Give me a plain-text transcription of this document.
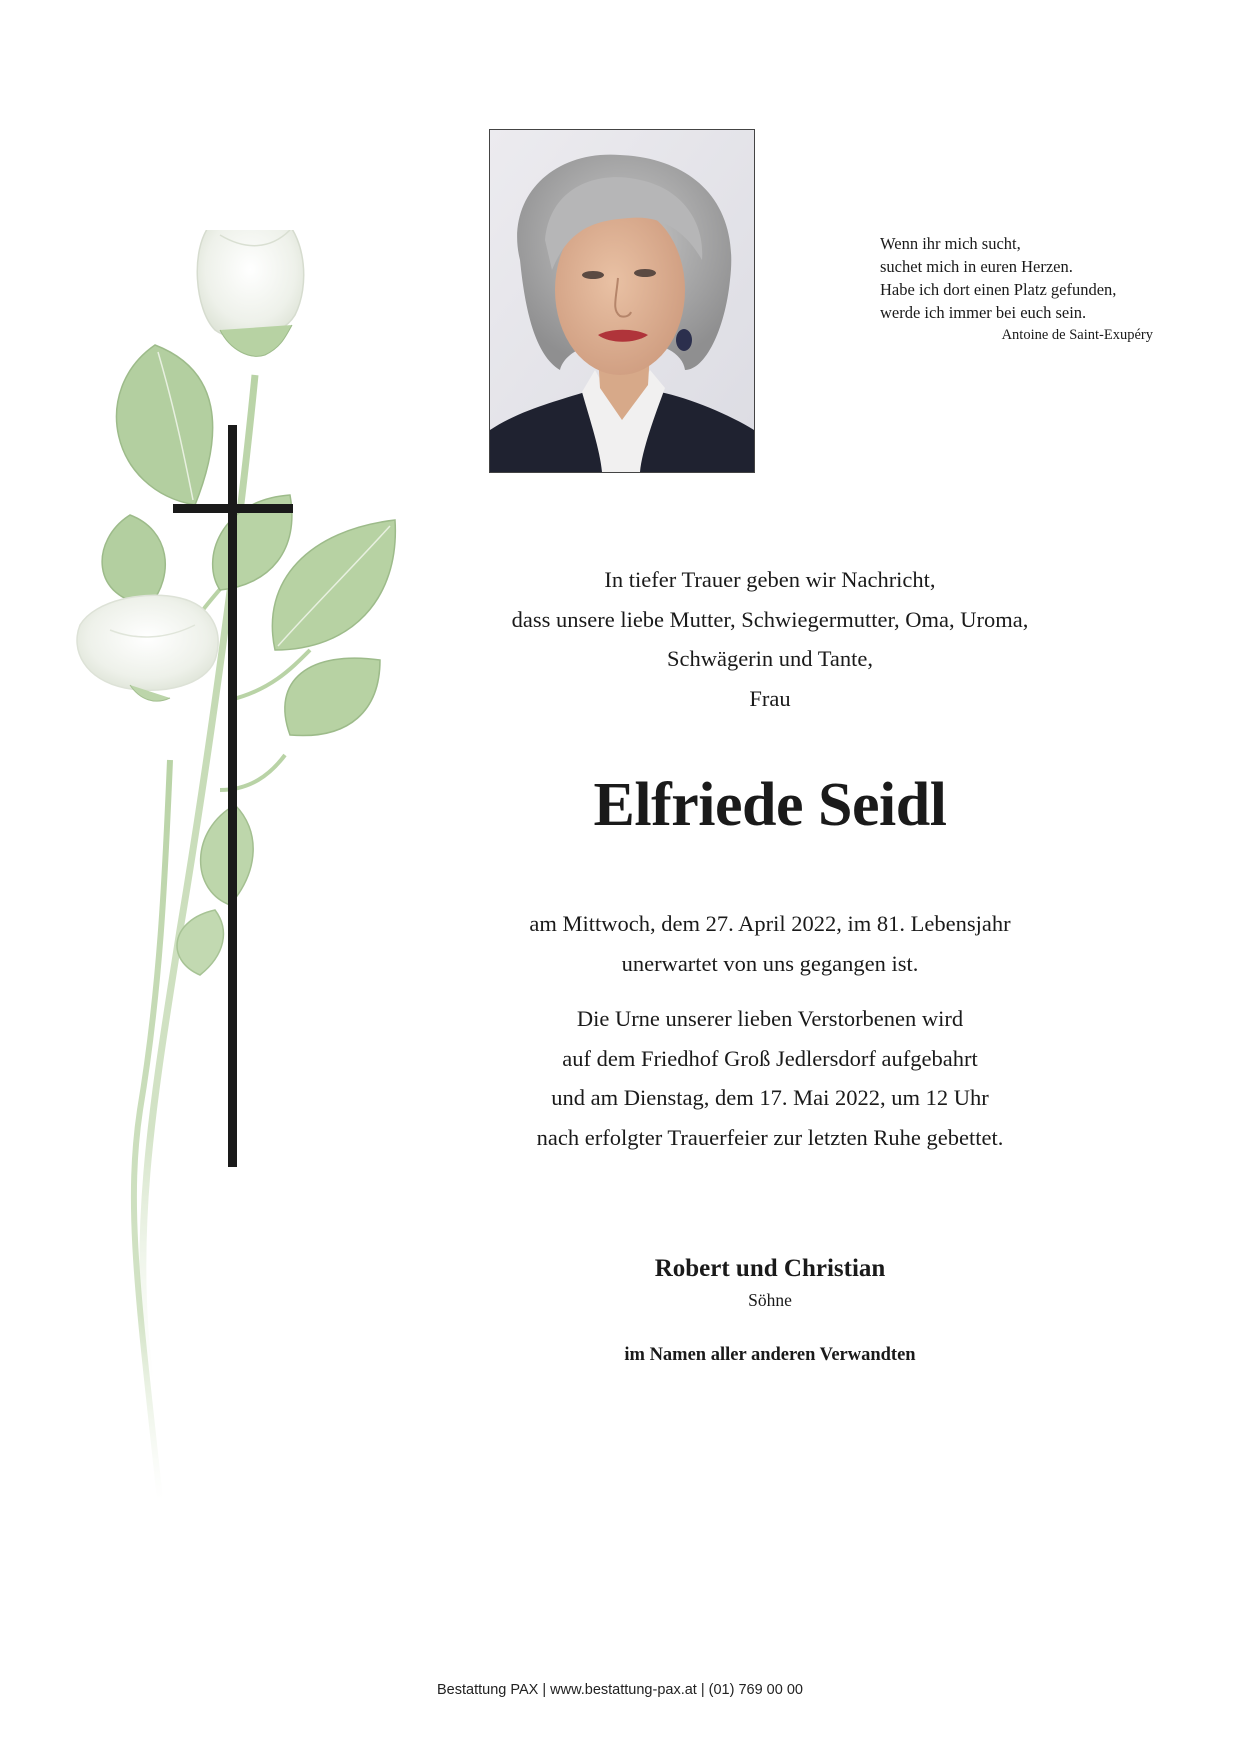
Wenn ihr mich sucht,
suchet mich in euren Herzen.
Habe ich dort einen Platz gefunden,
werde ich immer bei euch sein.
Antoine de Saint-Exupéry
In tiefer Trauer geben wir Nachricht,
dass unsere liebe Mutter, Schwiegermutter, Oma, Uroma,
Schwägerin und Tante,
Frau
Elfriede Seidl
am Mittwoch, dem 27. April 2022, im 81. Lebensjahr
unerwartet von uns gegangen ist.
Die Urne unserer lieben Verstorbenen wird
auf dem Friedhof Groß Jedlersdorf aufgebahrt
und am Dienstag, dem 17. Mai 2022, um 12 Uhr
nach erfolgter Trauerfeier zur letzten Ruhe gebettet.
Robert und Christian
Söhne
im Namen aller anderen Verwandten
Bestattung PAX | www.bestattung-pax.at | (01) 769 00 00
